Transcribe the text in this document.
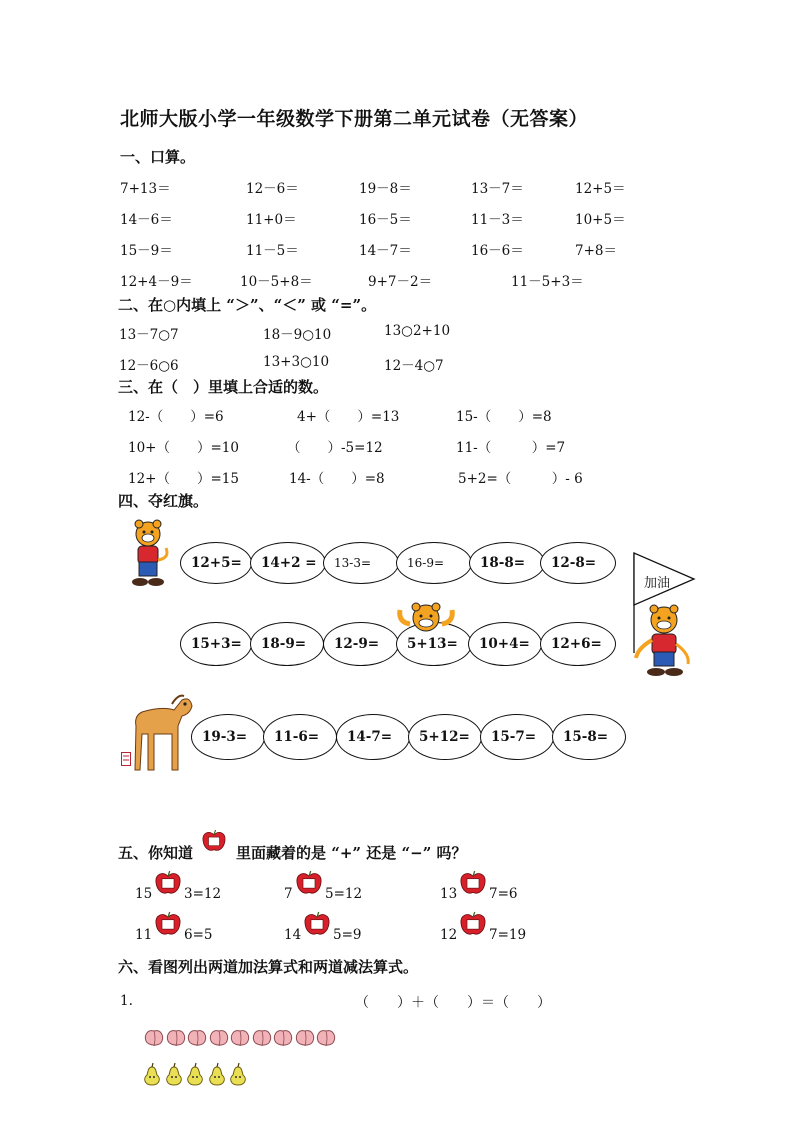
北师大版小学一年级数学下册第二单元试卷（无答案）
一、口算。
7+13＝	12－6＝	19－8＝	13－7＝	12+5＝
14－6＝	11+0＝	16－5＝	11－3＝	10+5＝
15－9＝	11－5＝	14－7＝	16－6＝	7+8＝
12+4－9＝	10－5+8＝	9+7－2＝	11－5+3＝
二、在○内填上 “＞”、“＜” 或 “=”。
13－7○7	18－9○10	13○2+10
12－6○6	13+3○10	12－4○7
三、在（　）里填上合适的数。
12-（　　）=6	4+（　　）=13	15-（　　）=8
10+（　　）=10	（　　）-5=12	11-（　　　）=7
12+（　　）=15	14-（　　）=8	5+2=（　　　）- 6
四、夺红旗。
12+5=	14+2 =	13-3=	16-9=	18-8=	12-8=
15+3=	18-9=	12-9=	5+13=	10+4=	12+6=
19-3=	11-6=	14-7=	5+12=	15-7=	15-8=
加油
五、你知道	里面藏着的是 “+” 还是 “−” 吗？
15 3=12	7 5=12	13 7=6
11 6=5	14 5=9	12 7=19
六、看图列出两道加法算式和两道减法算式。
1.	（　　）＋（　　）＝（　　）
